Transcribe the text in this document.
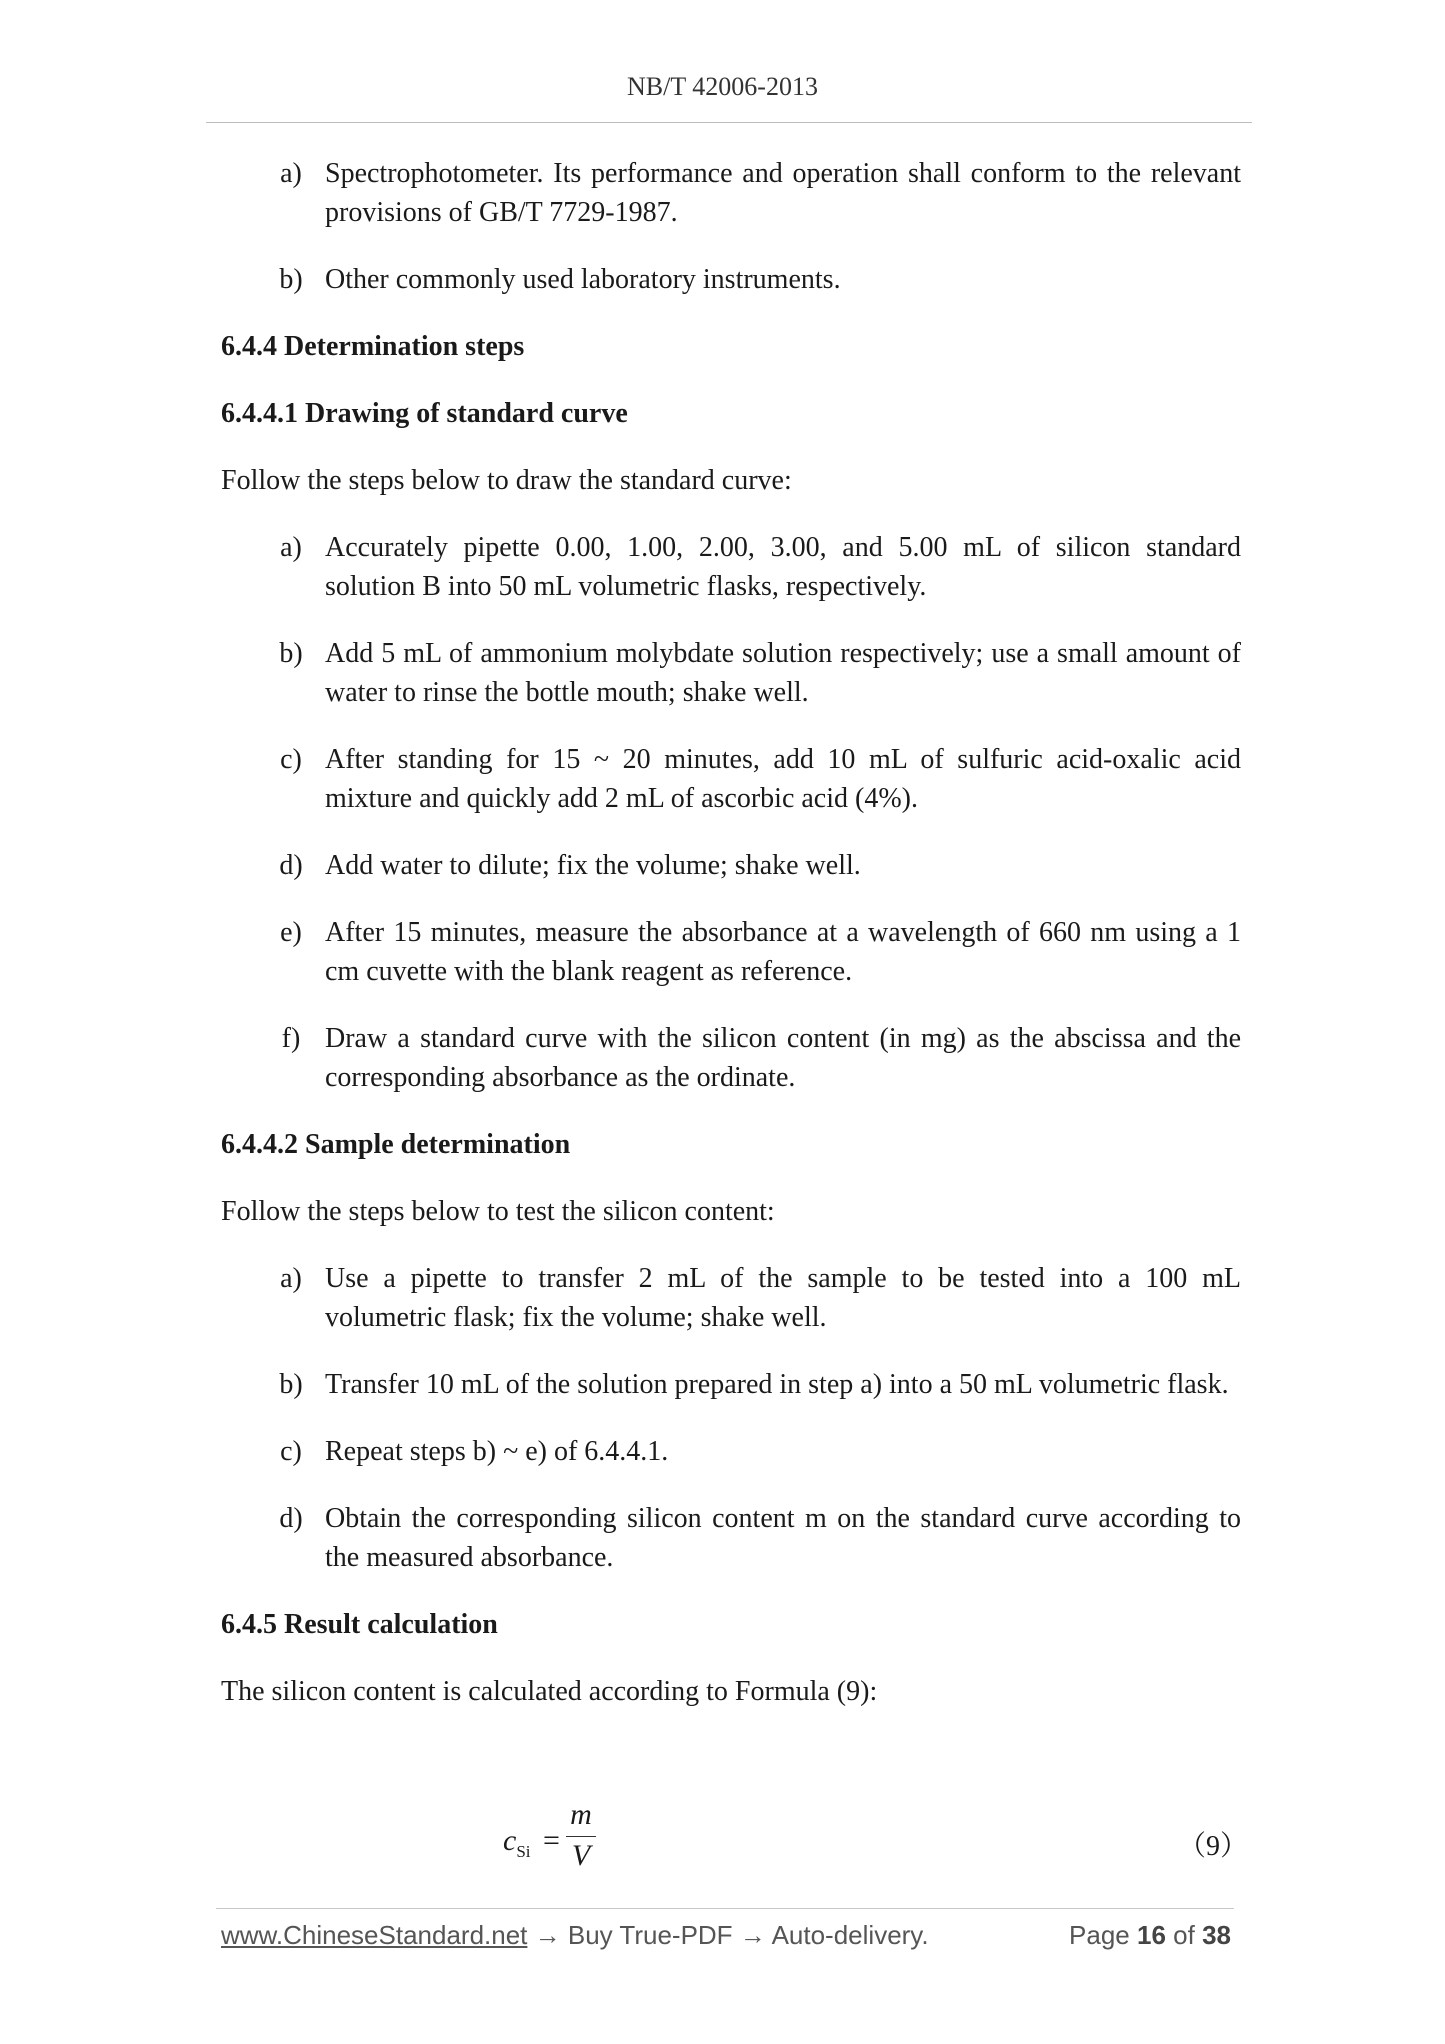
NB/T 42006-2013
a) Spectrophotometer. Its performance and operation shall conform to the relevant provisions of GB/T 7729-1987.
b) Other commonly used laboratory instruments.
6.4.4 Determination steps
6.4.4.1 Drawing of standard curve
Follow the steps below to draw the standard curve:
a) Accurately pipette 0.00, 1.00, 2.00, 3.00, and 5.00 mL of silicon standard solution B into 50 mL volumetric flasks, respectively.
b) Add 5 mL of ammonium molybdate solution respectively; use a small amount of water to rinse the bottle mouth; shake well.
c) After standing for 15 ~ 20 minutes, add 10 mL of sulfuric acid-oxalic acid mixture and quickly add 2 mL of ascorbic acid (4%).
d) Add water to dilute; fix the volume; shake well.
e) After 15 minutes, measure the absorbance at a wavelength of 660 nm using a 1 cm cuvette with the blank reagent as reference.
f) Draw a standard curve with the silicon content (in mg) as the abscissa and the corresponding absorbance as the ordinate.
6.4.4.2 Sample determination
Follow the steps below to test the silicon content:
a) Use a pipette to transfer 2 mL of the sample to be tested into a 100 mL volumetric flask; fix the volume; shake well.
b) Transfer 10 mL of the solution prepared in step a) into a 50 mL volumetric flask.
c) Repeat steps b) ~ e) of 6.4.4.1.
d) Obtain the corresponding silicon content m on the standard curve according to the measured absorbance.
6.4.5 Result calculation
The silicon content is calculated according to Formula (9):
$c_{Si}$ =
m
V	（9）
www.ChineseStandard.net → Buy True-PDF → Auto-delivery.	Page 16 of 38
